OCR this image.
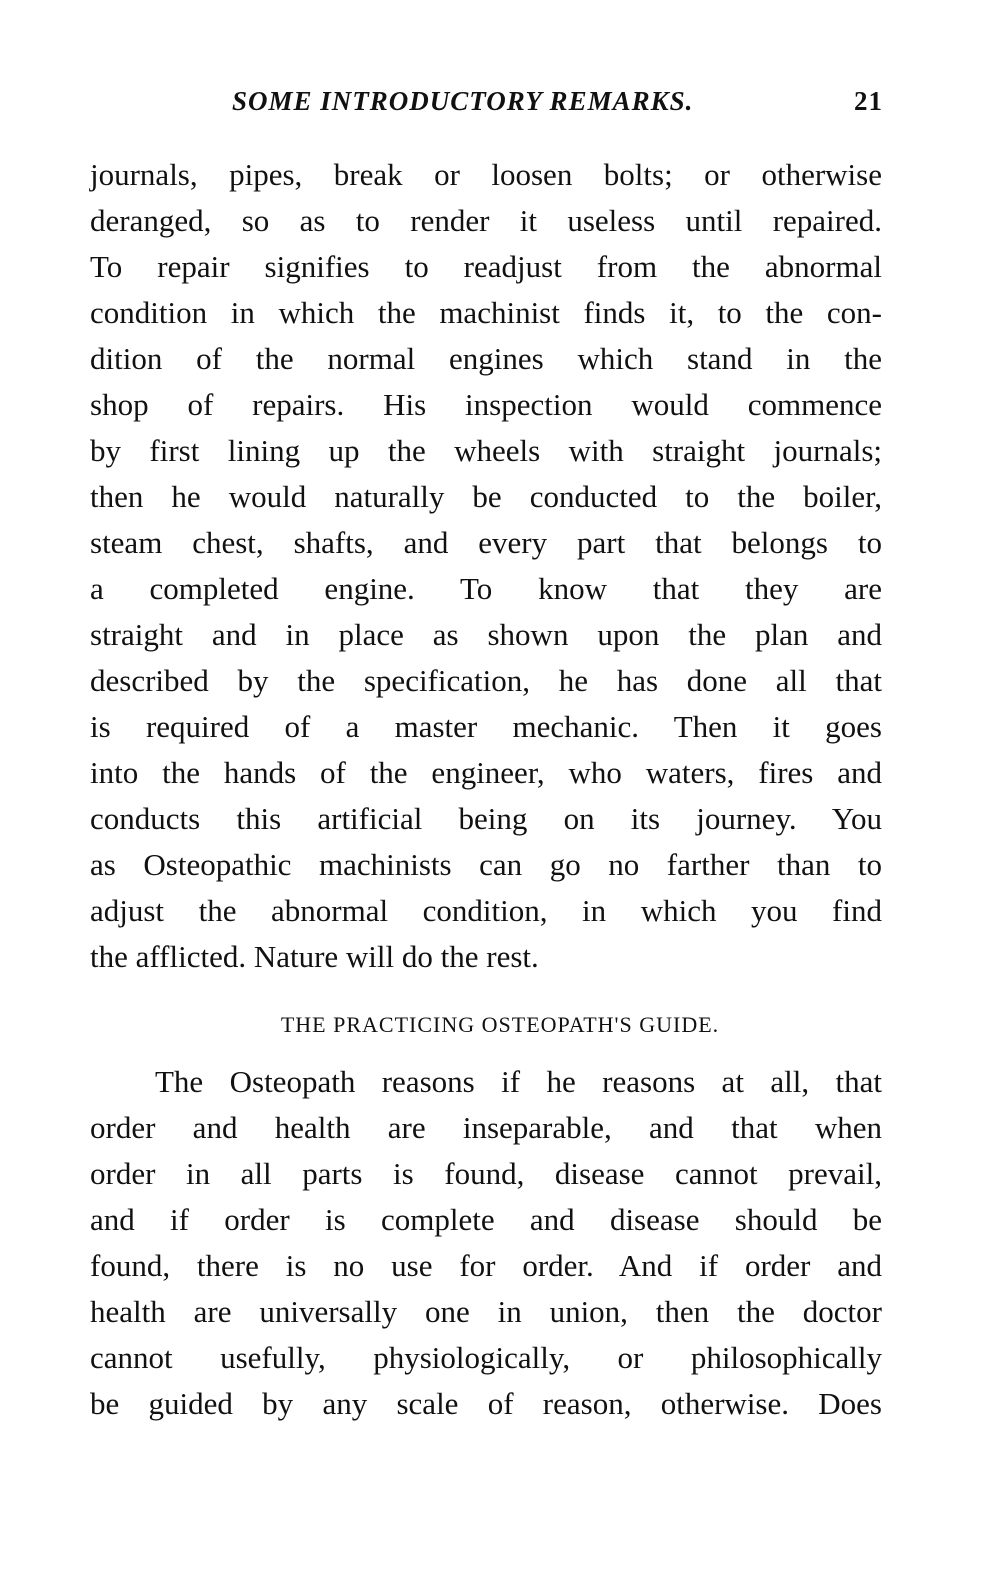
SOME INTRODUCTORY REMARKS.	21
journals, pipes, break or loosen bolts; or otherwise
deranged, so as to render it useless until repaired.
To repair signifies to readjust from the abnormal
condition in which the machinist finds it, to the con-
dition of the normal engines which stand in the
shop of repairs. His inspection would commence
by first lining up the wheels with straight journals;
then he would naturally be conducted to the boiler,
steam chest, shafts, and every part that belongs to
a completed engine. To know that they are
straight and in place as shown upon the plan and
described by the specification, he has done all that
is required of a master mechanic. Then it goes
into the hands of the engineer, who waters, fires and
conducts this artificial being on its journey. You
as Osteopathic machinists can go no farther than to
adjust the abnormal condition, in which you find
the afflicted. Nature will do the rest.
THE PRACTICING OSTEOPATH'S GUIDE.
The Osteopath reasons if he reasons at all, that
order and health are inseparable, and that when
order in all parts is found, disease cannot prevail,
and if order is complete and disease should be
found, there is no use for order. And if order and
health are universally one in union, then the doctor
cannot usefully, physiologically, or philosophically
be guided by any scale of reason, otherwise. Does
